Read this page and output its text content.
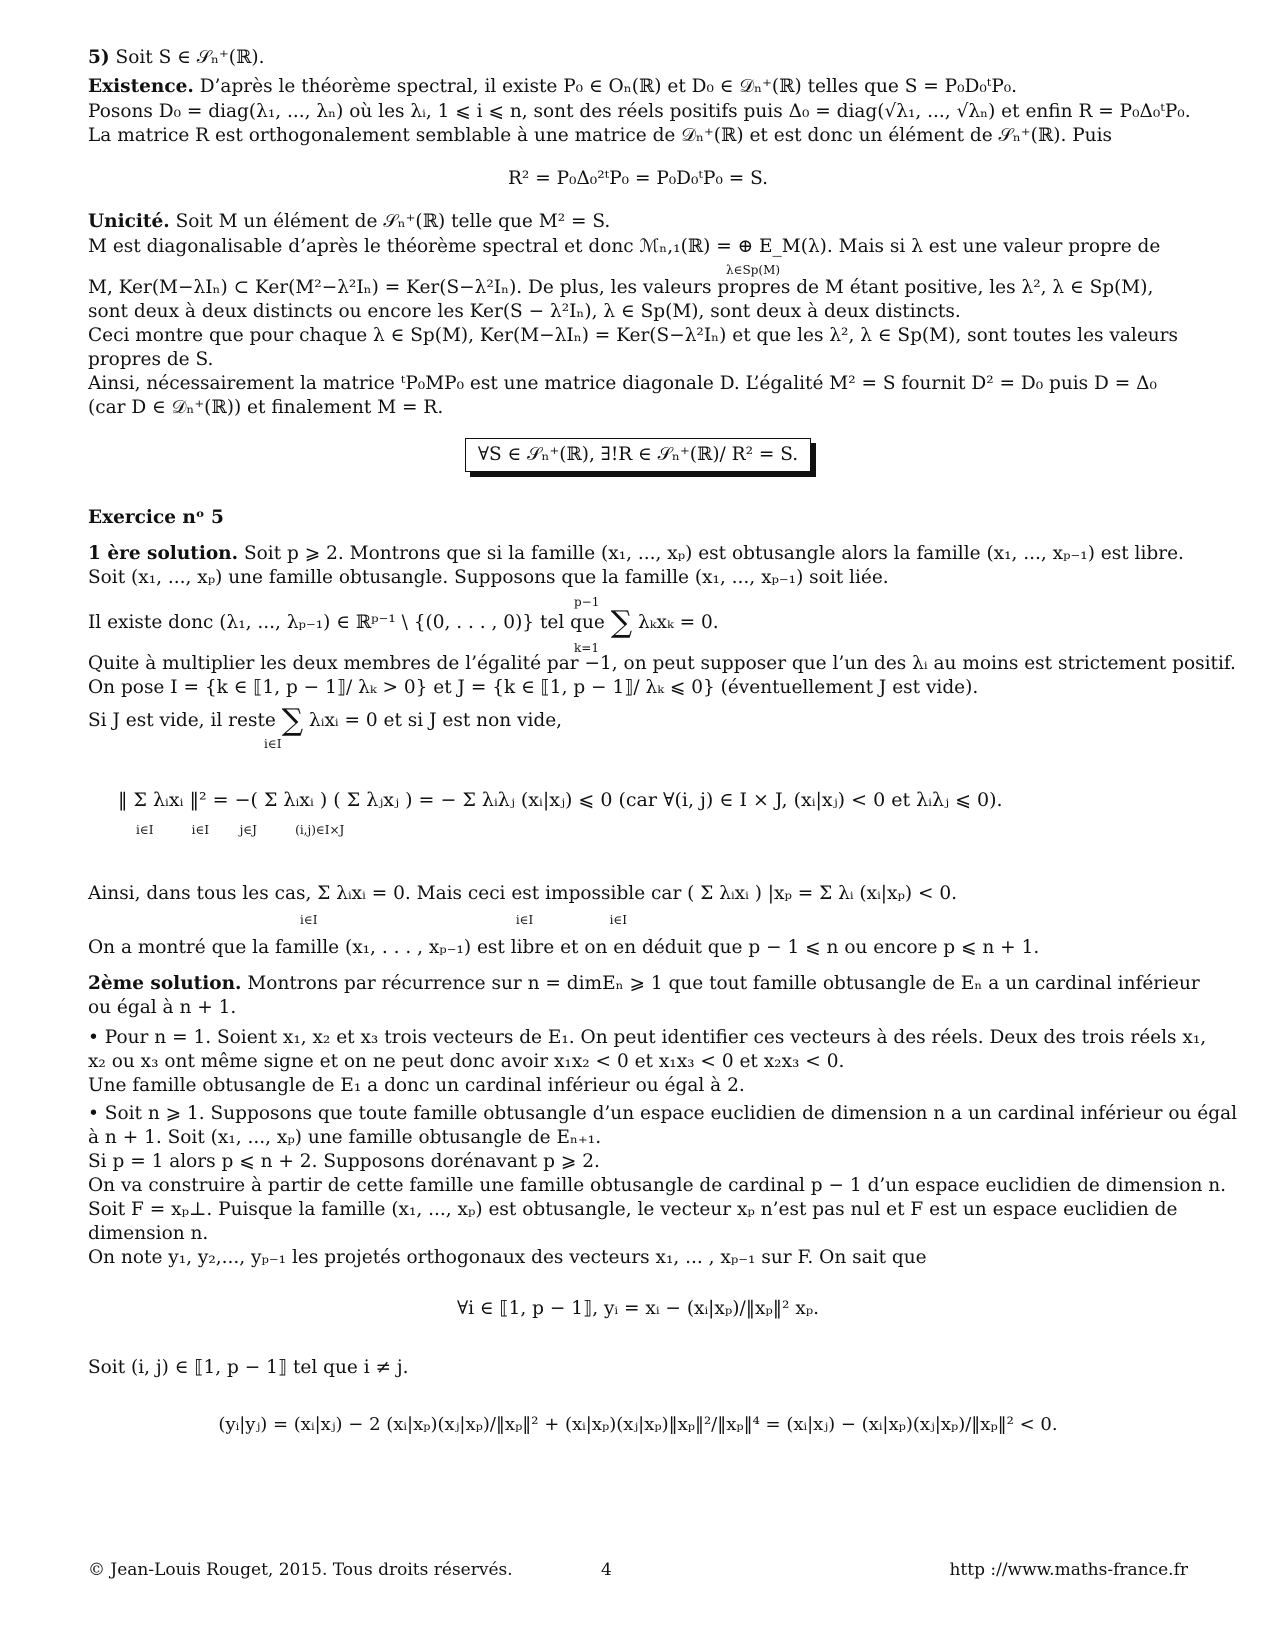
5) Soit S ∈ 𝒮ₙ⁺(ℝ).
Existence. D’après le théorème spectral, il existe P₀ ∈ Oₙ(ℝ) et D₀ ∈ 𝒟ₙ⁺(ℝ) telles que S = P₀D₀ᵗP₀.
Posons D₀ = diag(λ₁, ..., λₙ) où les λᵢ, 1 ⩽ i ⩽ n, sont des réels positifs puis Δ₀ = diag(√λ₁, ..., √λₙ) et enfin R = P₀Δ₀ᵗP₀.
La matrice R est orthogonalement semblable à une matrice de 𝒟ₙ⁺(ℝ) et est donc un élément de 𝒮ₙ⁺(ℝ). Puis
R² = P₀Δ₀²ᵗP₀ = P₀D₀ᵗP₀ = S.
Unicité. Soit M un élément de 𝒮ₙ⁺(ℝ) telle que M² = S.
M est diagonalisable d’après le théorème spectral et donc ℳₙ,₁(ℝ) = ⊕ E_M(λ). Mais si λ est une valeur propre de
λ∈Sp(M)
M, Ker(M−λIₙ) ⊂ Ker(M²−λ²Iₙ) = Ker(S−λ²Iₙ). De plus, les valeurs propres de M étant positive, les λ², λ ∈ Sp(M),
sont deux à deux distincts ou encore les Ker(S − λ²Iₙ), λ ∈ Sp(M), sont deux à deux distincts.
Ceci montre que pour chaque λ ∈ Sp(M), Ker(M−λIₙ) = Ker(S−λ²Iₙ) et que les λ², λ ∈ Sp(M), sont toutes les valeurs
propres de S.
Ainsi, nécessairement la matrice ᵗP₀MP₀ est une matrice diagonale D. L’égalité M² = S fournit D² = D₀ puis D = Δ₀
(car D ∈ 𝒟ₙ⁺(ℝ)) et finalement M = R.
∀S ∈ 𝒮ₙ⁺(ℝ), ∃!R ∈ 𝒮ₙ⁺(ℝ)/ R² = S.
Exercice nᵒ 5
1 ère solution. Soit p ⩾ 2. Montrons que si la famille (x₁, ..., xₚ) est obtusangle alors la famille (x₁, ..., xₚ₋₁) est libre.
Soit (x₁, ..., xₚ) une famille obtusangle. Supposons que la famille (x₁, ..., xₚ₋₁) soit liée.
p−1
Il existe donc (λ₁, ..., λₚ₋₁) ∈ ℝᵖ⁻¹ \ {(0, . . . , 0)} tel que ∑ λₖxₖ = 0.
k=1
Quite à multiplier les deux membres de l’égalité par −1, on peut supposer que l’un des λᵢ au moins est strictement positif.
On pose I = {k ∈ ⟦1, p − 1⟧/ λₖ > 0} et J = {k ∈ ⟦1, p − 1⟧/ λₖ ⩽ 0} (éventuellement J est vide).
Si J est vide, il reste ∑ λᵢxᵢ = 0 et si J est non vide,
i∈I
‖ Σ λᵢxᵢ ‖² = −( Σ λᵢxᵢ ) ( Σ λⱼxⱼ ) = − Σ λᵢλⱼ (xᵢ|xⱼ) ⩽ 0 (car ∀(i, j) ∈ I × J, (xᵢ|xⱼ) < 0 et λᵢλⱼ ⩽ 0).
i∈I          i∈I        j∈J          (i,j)∈I×J
Ainsi, dans tous les cas, Σ λᵢxᵢ = 0. Mais ceci est impossible car ( Σ λᵢxᵢ ) |xₚ = Σ λᵢ (xᵢ|xₚ) < 0.
i∈I                                                    i∈I                    i∈I
On a montré que la famille (x₁, . . . , xₚ₋₁) est libre et on en déduit que p − 1 ⩽ n ou encore p ⩽ n + 1.
2ème solution. Montrons par récurrence sur n = dimEₙ ⩾ 1 que tout famille obtusangle de Eₙ a un cardinal inférieur
ou égal à n + 1.
• Pour n = 1. Soient x₁, x₂ et x₃ trois vecteurs de E₁. On peut identifier ces vecteurs à des réels. Deux des trois réels x₁,
x₂ ou x₃ ont même signe et on ne peut donc avoir x₁x₂ < 0 et x₁x₃ < 0 et x₂x₃ < 0.
Une famille obtusangle de E₁ a donc un cardinal inférieur ou égal à 2.
• Soit n ⩾ 1. Supposons que toute famille obtusangle d’un espace euclidien de dimension n a un cardinal inférieur ou égal
à n + 1. Soit (x₁, ..., xₚ) une famille obtusangle de Eₙ₊₁.
Si p = 1 alors p ⩽ n + 2. Supposons dorénavant p ⩾ 2.
On va construire à partir de cette famille une famille obtusangle de cardinal p − 1 d’un espace euclidien de dimension n.
Soit F = xₚ⊥. Puisque la famille (x₁, ..., xₚ) est obtusangle, le vecteur xₚ n’est pas nul et F est un espace euclidien de
dimension n.
On note y₁, y₂,..., yₚ₋₁ les projetés orthogonaux des vecteurs x₁, ... , xₚ₋₁ sur F. On sait que
∀i ∈ ⟦1, p − 1⟧, yᵢ = xᵢ − (xᵢ|xₚ)/‖xₚ‖² xₚ.
Soit (i, j) ∈ ⟦1, p − 1⟧ tel que i ≠ j.
(yᵢ|yⱼ) = (xᵢ|xⱼ) − 2 (xᵢ|xₚ)(xⱼ|xₚ)/‖xₚ‖² + (xᵢ|xₚ)(xⱼ|xₚ)‖xₚ‖²/‖xₚ‖⁴ = (xᵢ|xⱼ) − (xᵢ|xₚ)(xⱼ|xₚ)/‖xₚ‖² < 0.
© Jean-Louis Rouget, 2015. Tous droits réservés.	4	http ://www.maths-france.fr
